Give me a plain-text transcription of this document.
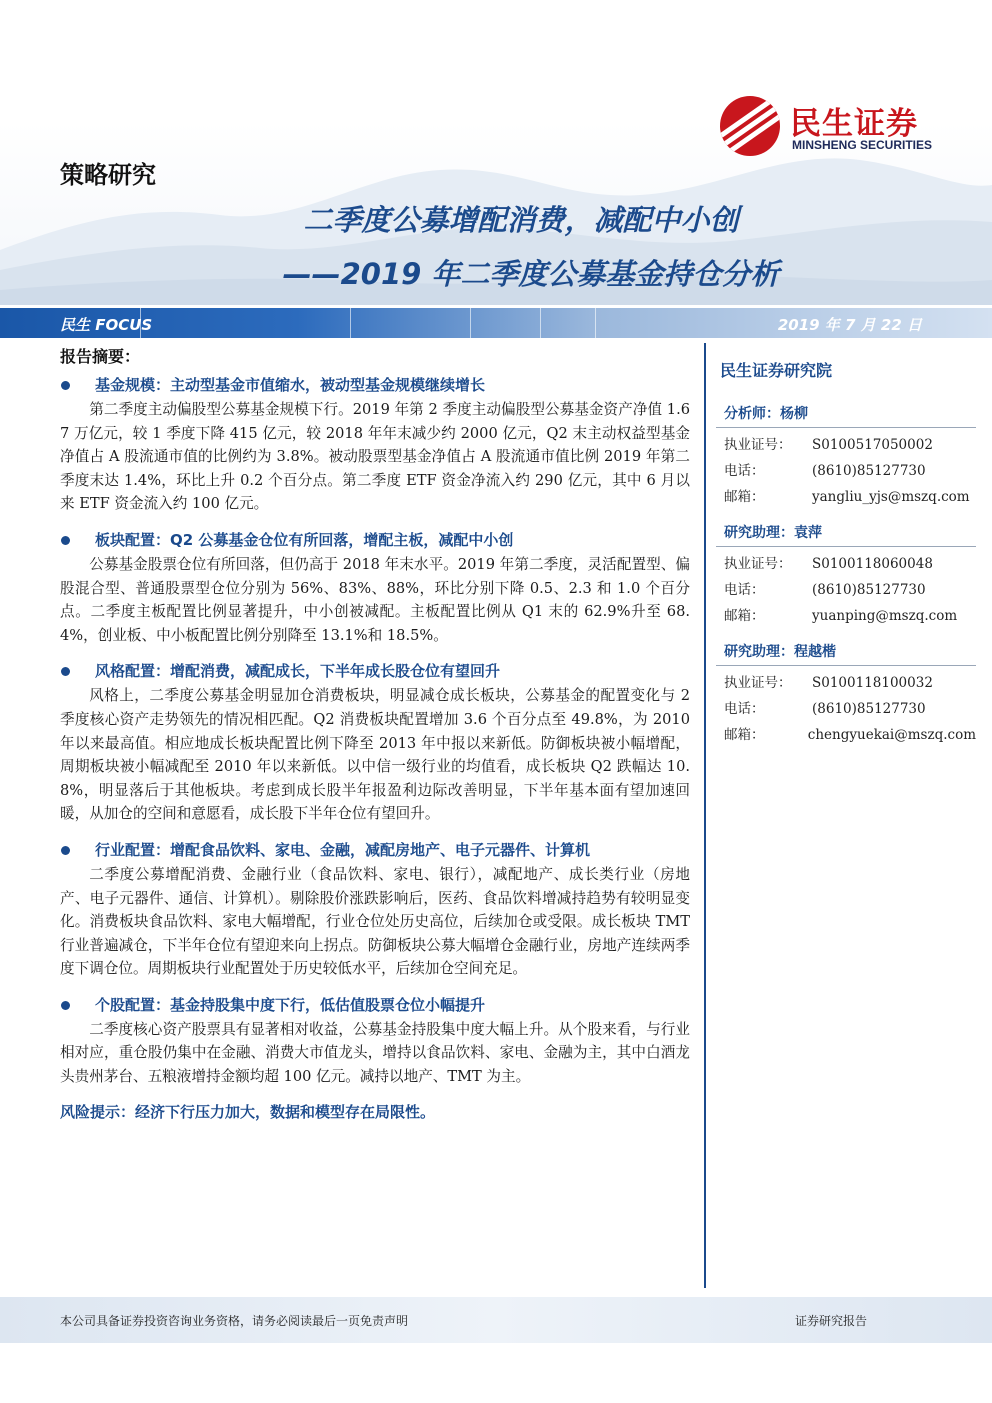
民生证券
MINSHENG SECURITIES
策略研究
二季度公募增配消费，减配中小创
——2019 年二季度公募基金持仓分析
民生 FOCUS	2019 年 7 月 22 日
报告摘要：
基金规模：主动型基金市值缩水，被动型基金规模继续增长

第二季度主动偏股型公募基金规模下行。2019 年第 2 季度主动偏股型公募基金资产净值 1.67 万亿元，较 1 季度下降 415 亿元，较 2018 年年末减少约 2000 亿元，Q2 末主动权益型基金净值占 A 股流通市值的比例约为 3.8%。被动股票型基金净值占 A 股流通市值比例 2019 年第二季度末达 1.4%，环比上升 0.2 个百分点。第二季度 ETF 资金净流入约 290 亿元，其中 6 月以来 ETF 资金流入约 100 亿元。

板块配置：Q2 公募基金仓位有所回落，增配主板，减配中小创

公募基金股票仓位有所回落，但仍高于 2018 年末水平。2019 年第二季度，灵活配置型、偏股混合型、普通股票型仓位分别为 56%、83%、88%，环比分别下降 0.5、2.3 和 1.0 个百分点。二季度主板配置比例显著提升，中小创被减配。主板配置比例从 Q1 末的 62.9%升至 68.4%，创业板、中小板配置比例分别降至 13.1%和 18.5%。

风格配置：增配消费，减配成长，下半年成长股仓位有望回升

风格上，二季度公募基金明显加仓消费板块，明显减仓成长板块，公募基金的配置变化与 2 季度核心资产走势领先的情况相匹配。Q2 消费板块配置增加 3.6 个百分点至 49.8%，为 2010 年以来最高值。相应地成长板块配置比例下降至 2013 年中报以来新低。防御板块被小幅增配，周期板块被小幅减配至 2010 年以来新低。以中信一级行业的均值看，成长板块 Q2 跌幅达 10.8%，明显落后于其他板块。考虑到成长股半年报盈利边际改善明显，下半年基本面有望加速回暖，从加仓的空间和意愿看，成长股下半年仓位有望回升。

行业配置：增配食品饮料、家电、金融，减配房地产、电子元器件、计算机

二季度公募增配消费、金融行业（食品饮料、家电、银行），减配地产、成长类行业（房地产、电子元器件、通信、计算机）。剔除股价涨跌影响后，医药、食品饮料增减持趋势有较明显变化。消费板块食品饮料、家电大幅增配，行业仓位处历史高位，后续加仓或受限。成长板块 TMT 行业普遍减仓，下半年仓位有望迎来向上拐点。防御板块公募大幅增仓金融行业，房地产连续两季度下调仓位。周期板块行业配置处于历史较低水平，后续加仓空间充足。

个股配置：基金持股集中度下行，低估值股票仓位小幅提升

二季度核心资产股票具有显著相对收益，公募基金持股集中度大幅上升。从个股来看，与行业相对应，重仓股仍集中在金融、消费大市值龙头，增持以食品饮料、家电、金融为主，其中白酒龙头贵州茅台、五粮液增持金额均超 100 亿元。减持以地产、TMT 为主。

风险提示：经济下行压力加大，数据和模型存在局限性。
民生证券研究院
分析师：杨柳
执业证号：	S0100517050002
电话：	(8610)85127730
邮箱：	yangliu_yjs@mszq.com
研究助理：袁萍
执业证号：	S0100118060048
电话：	(8610)85127730
邮箱：	yuanping@mszq.com
研究助理：程越楷
执业证号：	S0100118100032
电话：	(8610)85127730
邮箱：	chengyuekai@mszq.com
本公司具备证券投资咨询业务资格，请务必阅读最后一页免责声明	证券研究报告
